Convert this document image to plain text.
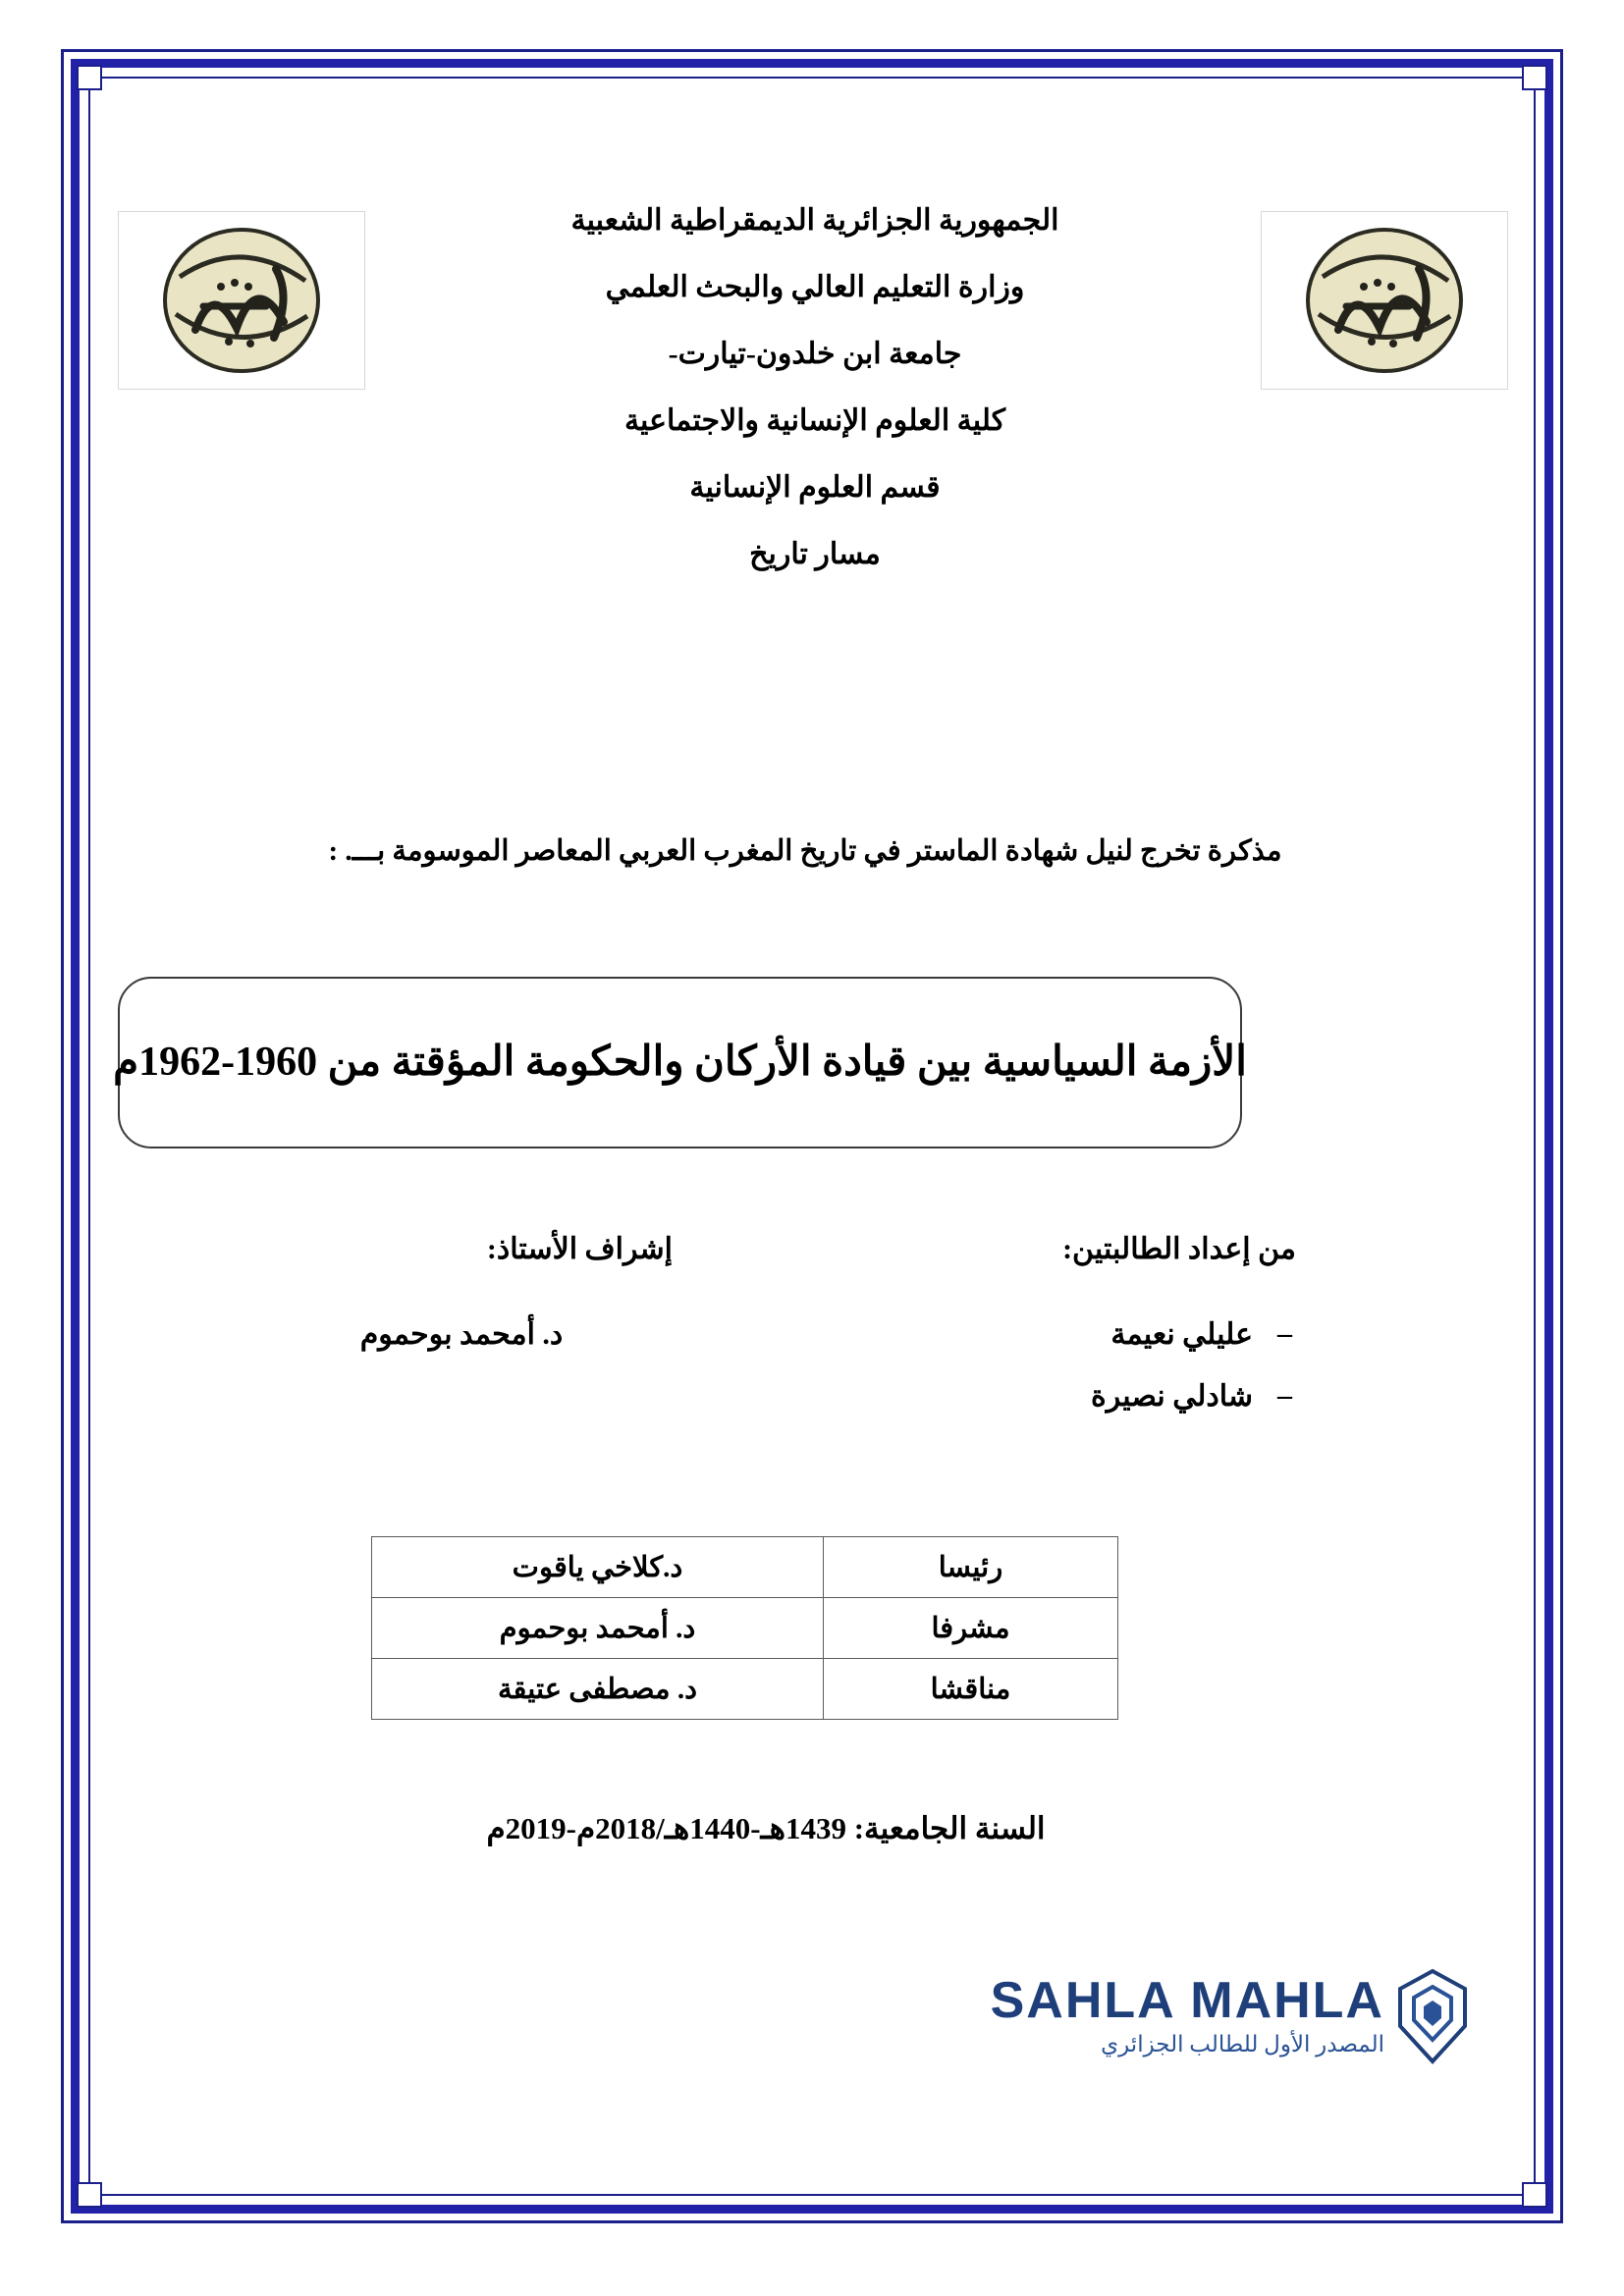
الجمهورية الجزائرية الديمقراطية الشعبية

وزارة التعليم العالي والبحث العلمي

جامعة ابن خلدون-تيارت-

كلية العلوم الإنسانية والاجتماعية

قسم العلوم الإنسانية

مسار تاريخ

مذكرة تخرج لنيل شهادة الماستر في تاريخ المغرب العربي المعاصر الموسومة بـــ. :
الأزمة السياسية بين قيادة الأركان والحكومة المؤقتة من 1960-1962م

من إعداد الطالبتين:

–
عليلي نعيمة

–
شادلي نصيرة

إشراف الأستاذ:

د. أمحمد بوحموم

رئيسا	د.كلاخي ياقوت
مشرفا	د. أمحمد بوحموم
مناقشا	د. مصطفى عتيقة
السنة الجامعية: 1439هـ-1440هـ/2018م-2019م
SAHLA MAHLA
المصدر الأول للطالب الجزائري
